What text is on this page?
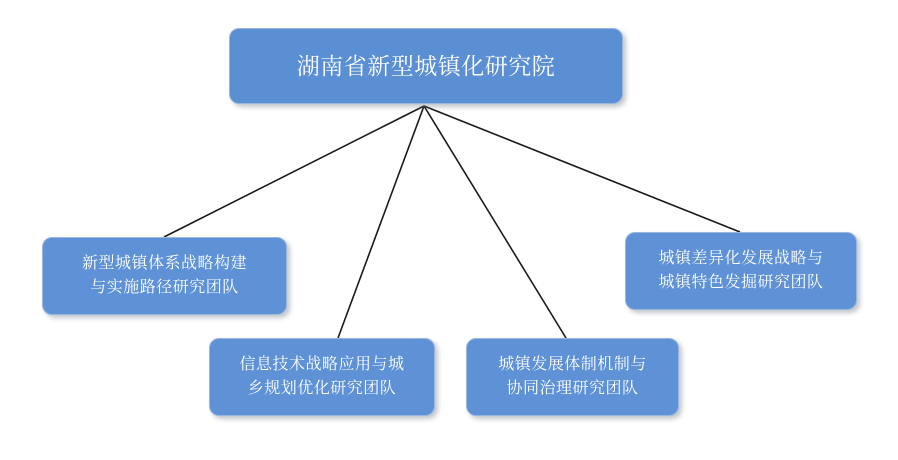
湖南省新型城镇化研究院
新型城镇体系战略构建
与实施路径研究团队
信息技术战略应用与城
乡规划优化研究团队
城镇发展体制机制与
协同治理研究团队
城镇差异化发展战略与
城镇特色发掘研究团队
